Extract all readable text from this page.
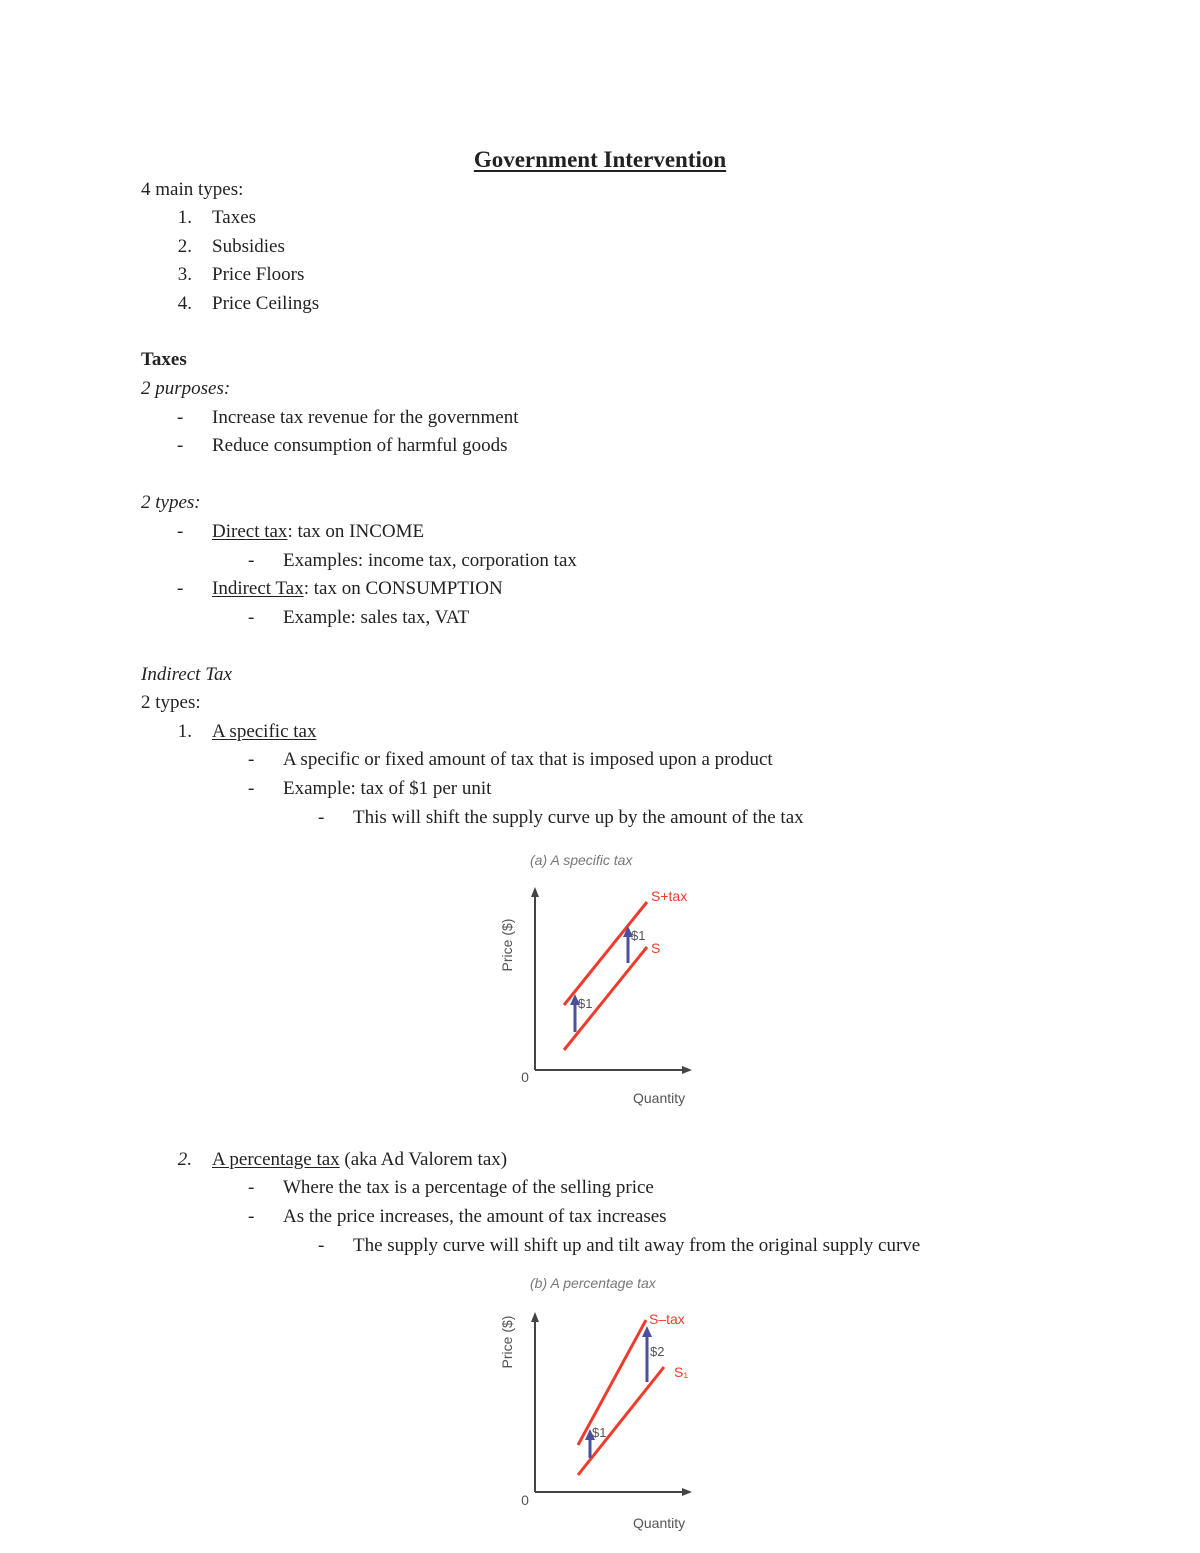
Government Intervention
4 main types:
1. Taxes
2. Subsidies
3. Price Floors
4. Price Ceilings
Taxes
2 purposes:
- Increase tax revenue for the government
- Reduce consumption of harmful goods
2 types:
- Direct tax: tax on INCOME
- Examples: income tax, corporation tax
- Indirect Tax: tax on CONSUMPTION
- Example: sales tax, VAT
Indirect Tax
2 types:
1. A specific tax
- A specific or fixed amount of tax that is imposed upon a product
- Example: tax of $1 per unit
- This will shift the supply curve up by the amount of the tax
(a) A specific tax
Price ($)
0
Quantity
S+tax
S
$1
$1
2. A percentage tax (aka Ad Valorem tax)
- Where the tax is a percentage of the selling price
- As the price increases, the amount of tax increases
- The supply curve will shift up and tilt away from the original supply curve
(b) A percentage tax
Price ($)
0
Quantity
S–tax
S₁
$1
$2
